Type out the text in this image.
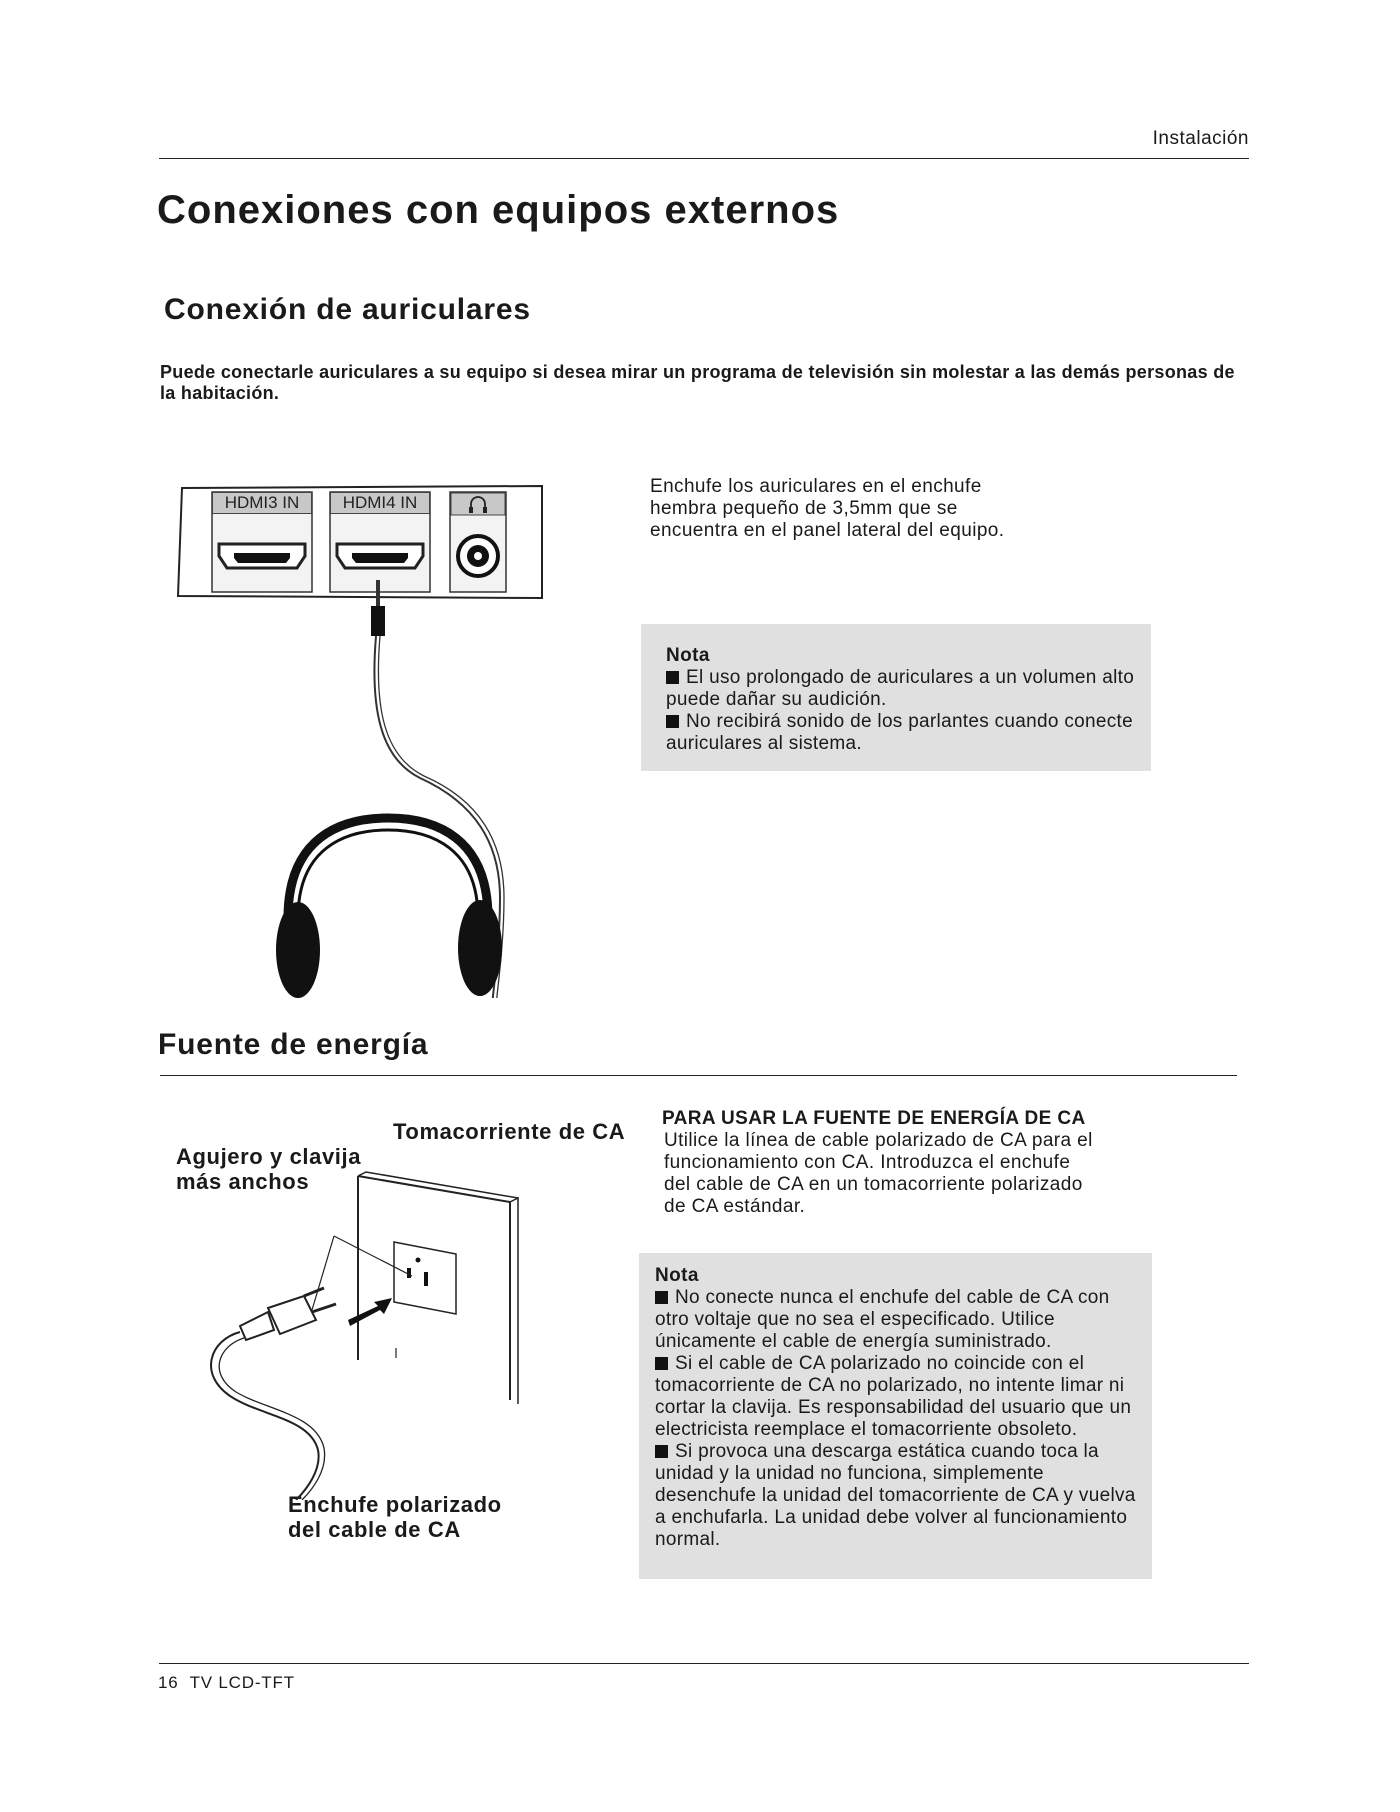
Instalación
Conexiones con equipos externos
Conexión de auriculares
Puede conectarle auriculares a su equipo si desea mirar un programa de televisión sin molestar a las demás personas de la habitación.
HDMI3 IN	HDMI4 IN
Enchufe los auriculares en el enchufe
hembra pequeño de 3,5mm que se
encuentra en el panel lateral del equipo.
Nota
El uso prolongado de auriculares a un volumen alto puede dañar su audición.
No recibirá sonido de los parlantes cuando conecte auriculares al sistema.
Fuente de energía
Tomacorriente de CA
Agujero y clavija
más anchos
Enchufe polarizado
del cable de CA
PARA USAR LA FUENTE DE ENERGÍA DE CA
Utilice la línea de cable polarizado de CA para el
funcionamiento con CA. Introduzca el enchufe
del cable de CA en un tomacorriente polarizado
de CA estándar.
Nota
No conecte nunca el enchufe del cable de CA con otro voltaje que no sea el especificado. Utilice únicamente el cable de energía suministrado.
Si el cable de CA polarizado no coincide con el tomacorriente de CA no polarizado, no intente limar ni cortar la clavija. Es responsabilidad del usuario que un electricista reemplace el tomacorriente obsoleto.
Si provoca una descarga estática cuando toca la unidad y la unidad no funciona, simplemente desenchufe la unidad del tomacorriente de CA y vuelva a enchufarla. La unidad debe volver al funcionamiento normal.
16 TV LCD-TFT
